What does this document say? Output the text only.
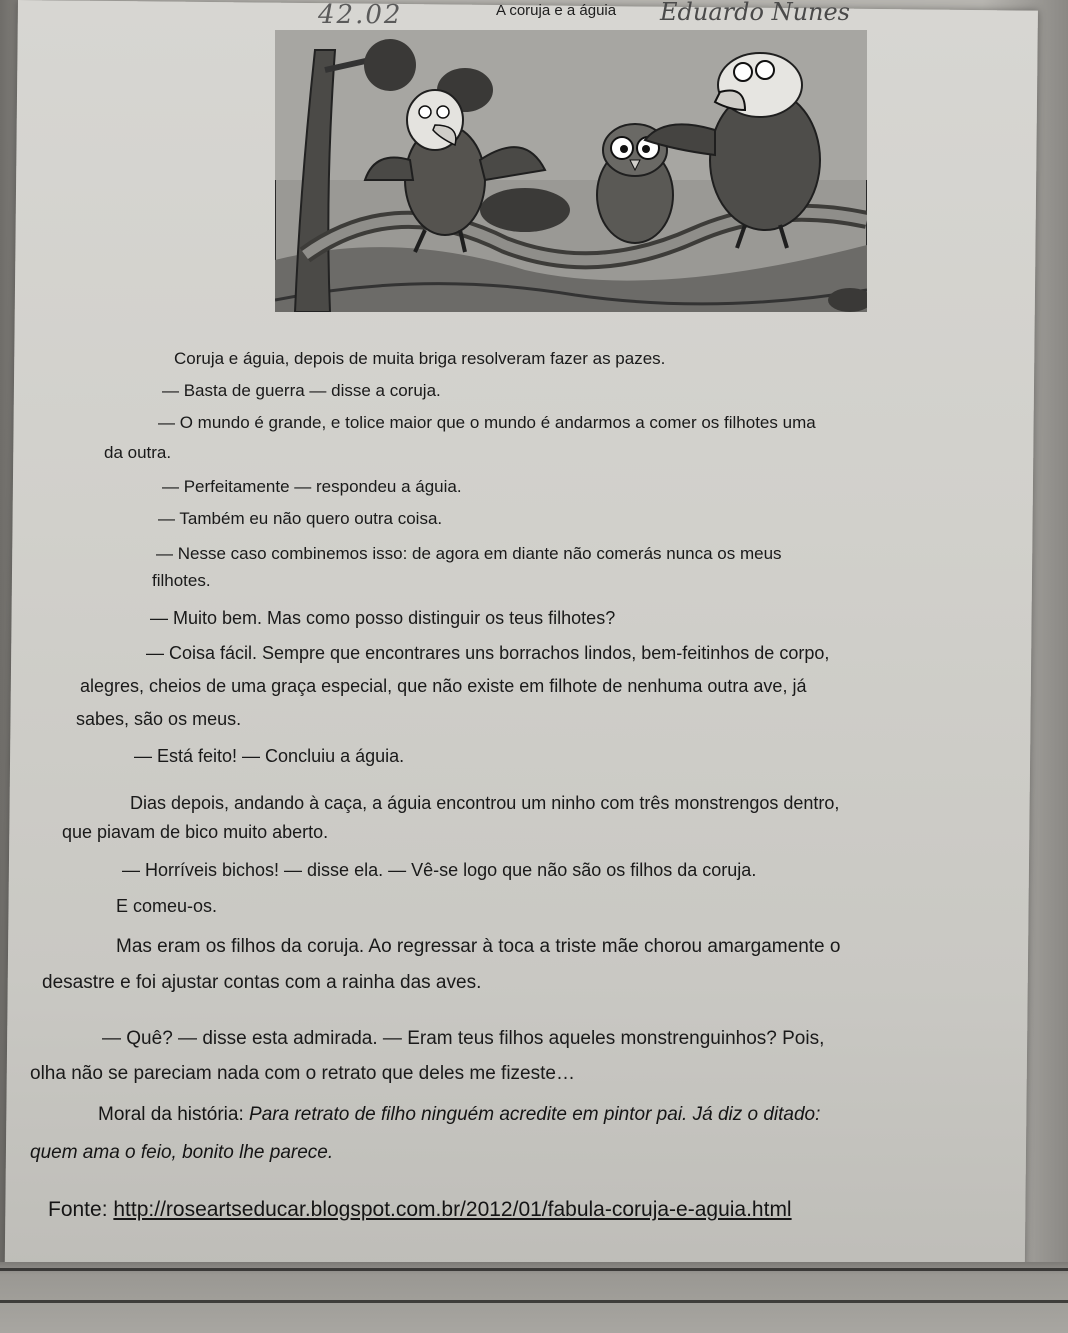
42.02	A coruja e a águia Eduardo Nunes
Coruja e águia, depois de muita briga resolveram fazer as pazes.
— Basta de guerra — disse a coruja.
— O mundo é grande, e tolice maior que o mundo é andarmos a comer os filhotes uma
da outra.
— Perfeitamente — respondeu a águia.
— Também eu não quero outra coisa.
— Nesse caso combinemos isso: de agora em diante não comerás nunca os meus
filhotes.
— Muito bem. Mas como posso distinguir os teus filhotes?
— Coisa fácil. Sempre que encontrares uns borrachos lindos, bem-feitinhos de corpo,
alegres, cheios de uma graça especial, que não existe em filhote de nenhuma outra ave, já
sabes, são os meus.
— Está feito! — Concluiu a águia.
Dias depois, andando à caça, a águia encontrou um ninho com três monstrengos dentro,
que piavam de bico muito aberto.
— Horríveis bichos! — disse ela. — Vê-se logo que não são os filhos da coruja.
E comeu-os.
Mas eram os filhos da coruja. Ao regressar à toca a triste mãe chorou amargamente o
desastre e foi ajustar contas com a rainha das aves.
— Quê? — disse esta admirada. — Eram teus filhos aqueles monstrenguinhos? Pois,
olha não se pareciam nada com o retrato que deles me fizeste…
Moral da história: Para retrato de filho ninguém acredite em pintor pai. Já diz o ditado:
quem ama o feio, bonito lhe parece.
Fonte: http://roseartseducar.blogspot.com.br/2012/01/fabula-coruja-e-aguia.html
